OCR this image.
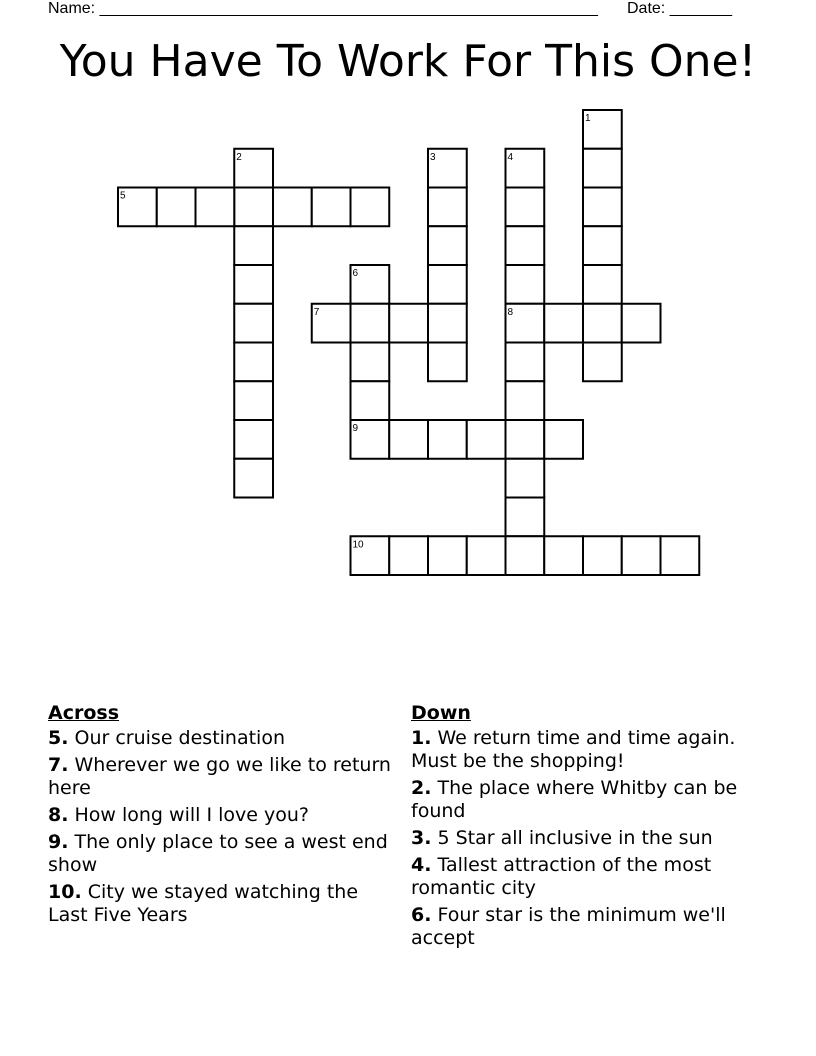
Name: ________________________________________________________

Date: _______

You Have To Work For This One!
1
2	3	4
5
6
7	8
9
10
Across
5. Our cruise destination
7. Wherever we go we like to return here
8. How long will I love you?
9. The only place to see a west end show
10. City we stayed watching the Last Five Years
Down
1. We return time and time again. Must be the shopping!
2. The place where Whitby can be found
3. 5 Star all inclusive in the sun
4. Tallest attraction of the most romantic city
6. Four star is the minimum we'll accept
